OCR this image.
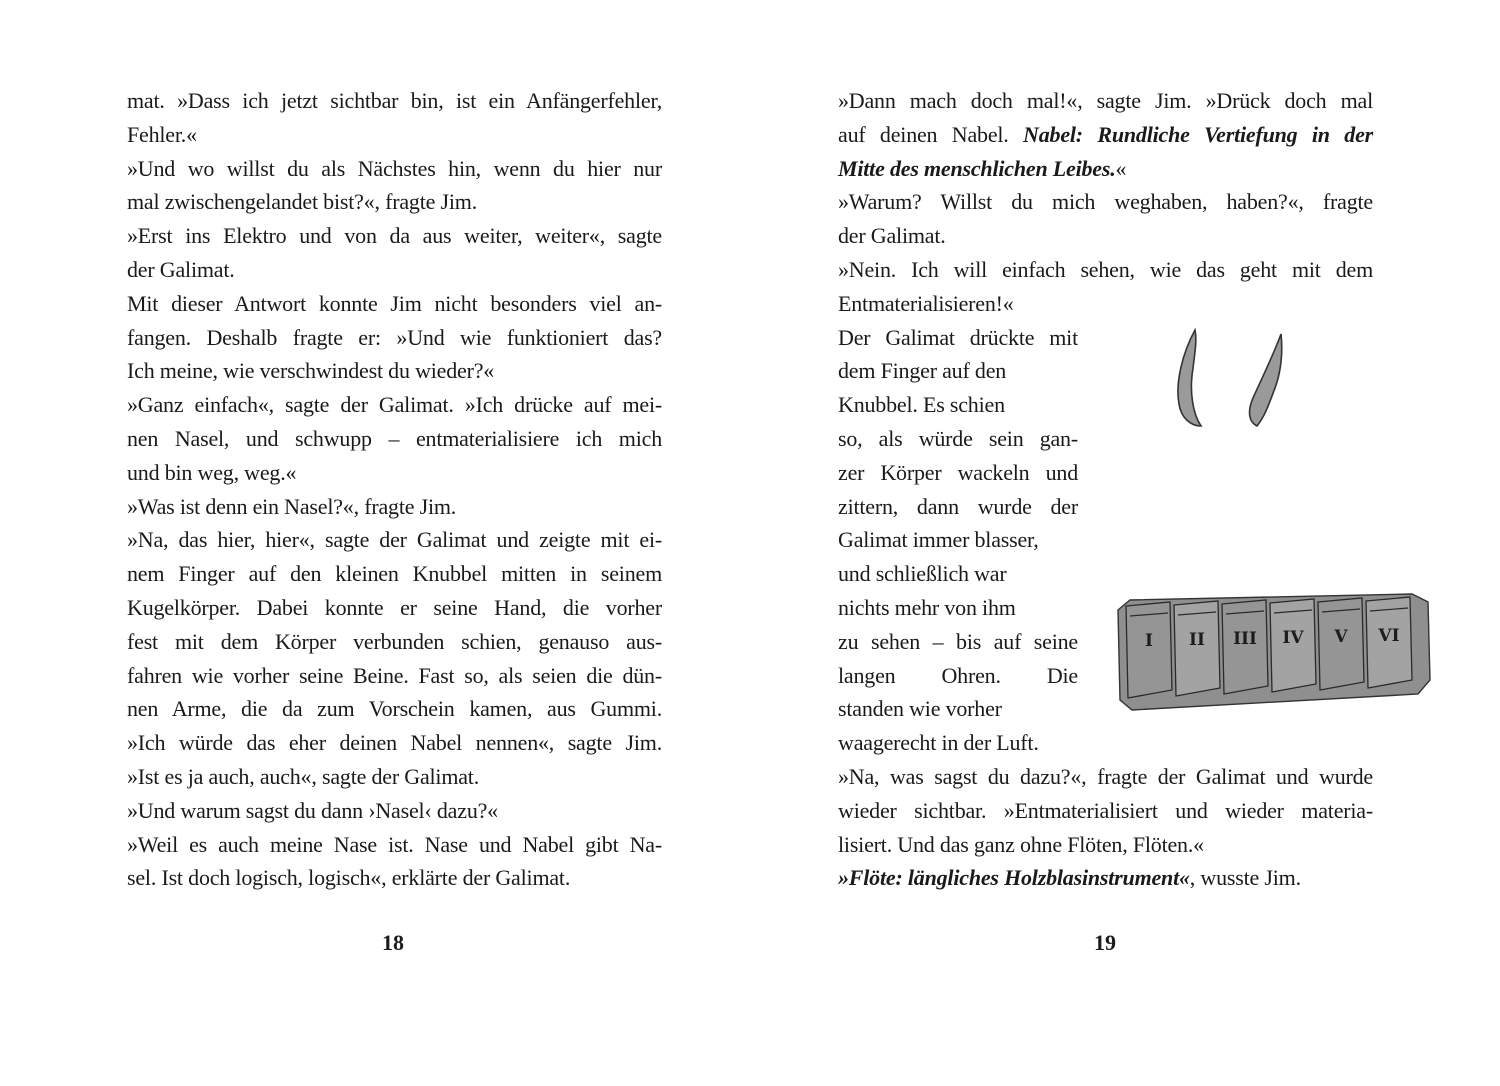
mat. »Dass ich jetzt sichtbar bin, ist ein Anfängerfehler,
Fehler.«
»Und wo willst du als Nächstes hin, wenn du hier nur
mal zwischengelandet bist?«, fragte Jim.
»Erst ins Elektro und von da aus weiter, weiter«, sagte
der Galimat.
Mit dieser Antwort konnte Jim nicht besonders viel an-
fangen. Deshalb fragte er: »Und wie funktioniert das?
Ich meine, wie verschwindest du wieder?«
»Ganz einfach«, sagte der Galimat. »Ich drücke auf mei-
nen Nasel, und schwupp – entmaterialisiere ich mich
und bin weg, weg.«
»Was ist denn ein Nasel?«, fragte Jim.
»Na, das hier, hier«, sagte der Galimat und zeigte mit ei-
nem Finger auf den kleinen Knubbel mitten in seinem
Kugelkörper. Dabei konnte er seine Hand, die vorher
fest mit dem Körper verbunden schien, genauso aus-
fahren wie vorher seine Beine. Fast so, als seien die dün-
nen Arme, die da zum Vorschein kamen, aus Gummi.
»Ich würde das eher deinen Nabel nennen«, sagte Jim.
»Ist es ja auch, auch«, sagte der Galimat.
»Und warum sagst du dann ›Nasel‹ dazu?«
»Weil es auch meine Nase ist. Nase und Nabel gibt Na-
sel. Ist doch logisch, logisch«, erklärte der Galimat.
18
»Dann mach doch mal!«, sagte Jim. »Drück doch mal
auf deinen Nabel. Nabel: Rundliche Vertiefung in der
Mitte des menschlichen Leibes.«
»Warum? Willst du mich weghaben, haben?«, fragte
der Galimat.
»Nein. Ich will einfach sehen, wie das geht mit dem
Entmaterialisieren!«
Der Galimat drückte mit
dem Finger auf den
Knubbel. Es schien
so, als würde sein gan-
zer Körper wackeln und
zittern, dann wurde der
Galimat immer blasser,
und schließlich war
nichts mehr von ihm
zu sehen – bis auf seine
langen Ohren. Die
standen wie vorher
waagerecht in der Luft.
»Na, was sagst du dazu?«, fragte der Galimat und wurde
wieder sichtbar. »Entmaterialisiert und wieder materia-
lisiert. Und das ganz ohne Flöten, Flöten.«
»Flöte: längliches Holzblasinstrument«, wusste Jim.
I II III IV V VI
19
